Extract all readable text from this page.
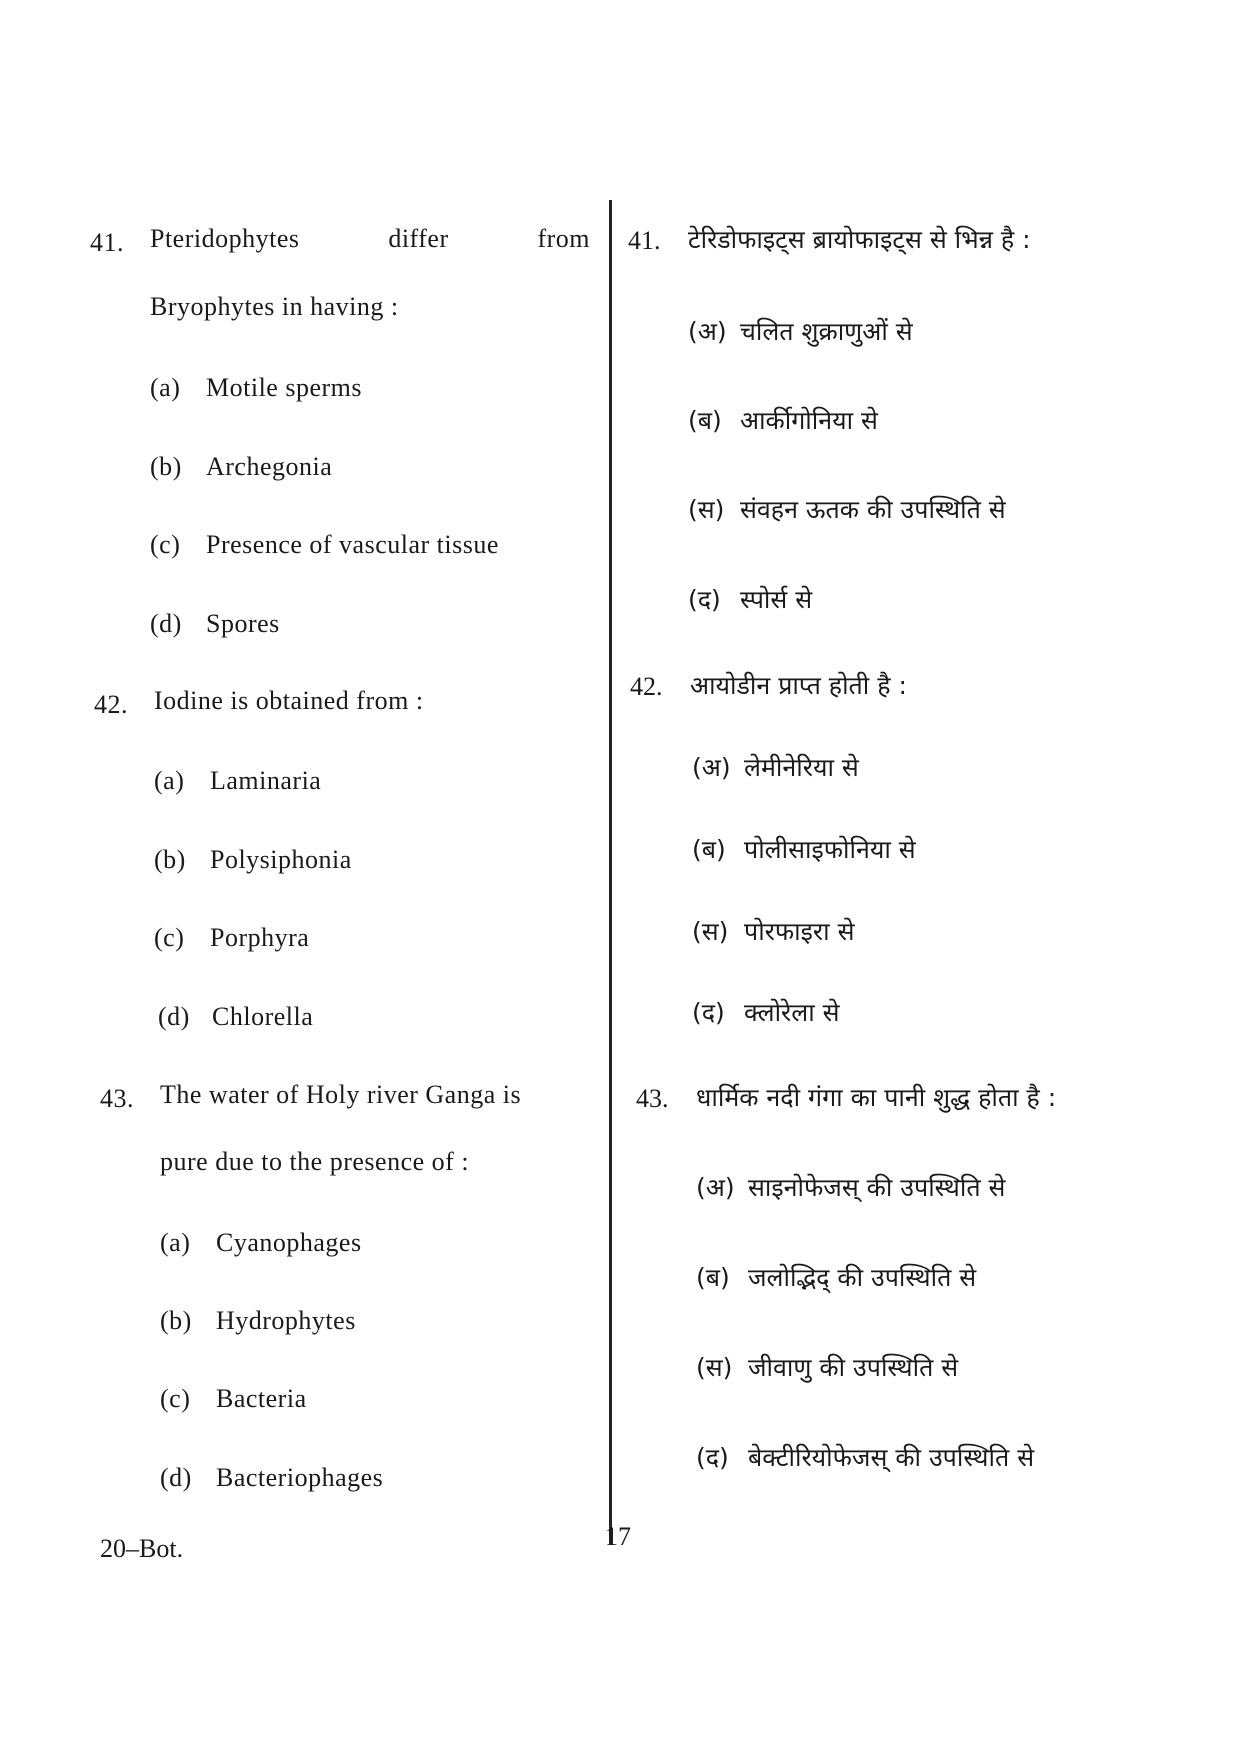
41. Pteridophytes	differ	from
Bryophytes in having :
(a) Motile sperms
(b) Archegonia
(c) Presence of vascular tissue
(d) Spores
42. Iodine is obtained from :
(a) Laminaria
(b) Polysiphonia
(c) Porphyra
(d) Chlorella
43. The water of Holy river Ganga is
pure due to the presence of :
(a) Cyanophages
(b) Hydrophytes
(c) Bacteria
(d) Bacteriophages
41. टेरिडोफाइट्स ब्रायोफाइट्स से भिन्न है :
(अ) चलित शुक्राणुओं से
(ब) आर्कीगोनिया से
(स) संवहन ऊतक की उपस्थिति से
(द) स्पोर्स से
42. आयोडीन प्राप्त होती है :
(अ) लेमीनेरिया से
(ब) पोलीसाइफोनिया से
(स) पोरफाइरा से
(द) क्लोरेला से
43. धार्मिक नदी गंगा का पानी शुद्ध होता है :
(अ) साइनोफेजस् की उपस्थिति से
(ब) जलोद्भिद् की उपस्थिति से
(स) जीवाणु की उपस्थिति से
(द) बेक्टीरियोफेजस् की उपस्थिति से
20–Bot.	17
